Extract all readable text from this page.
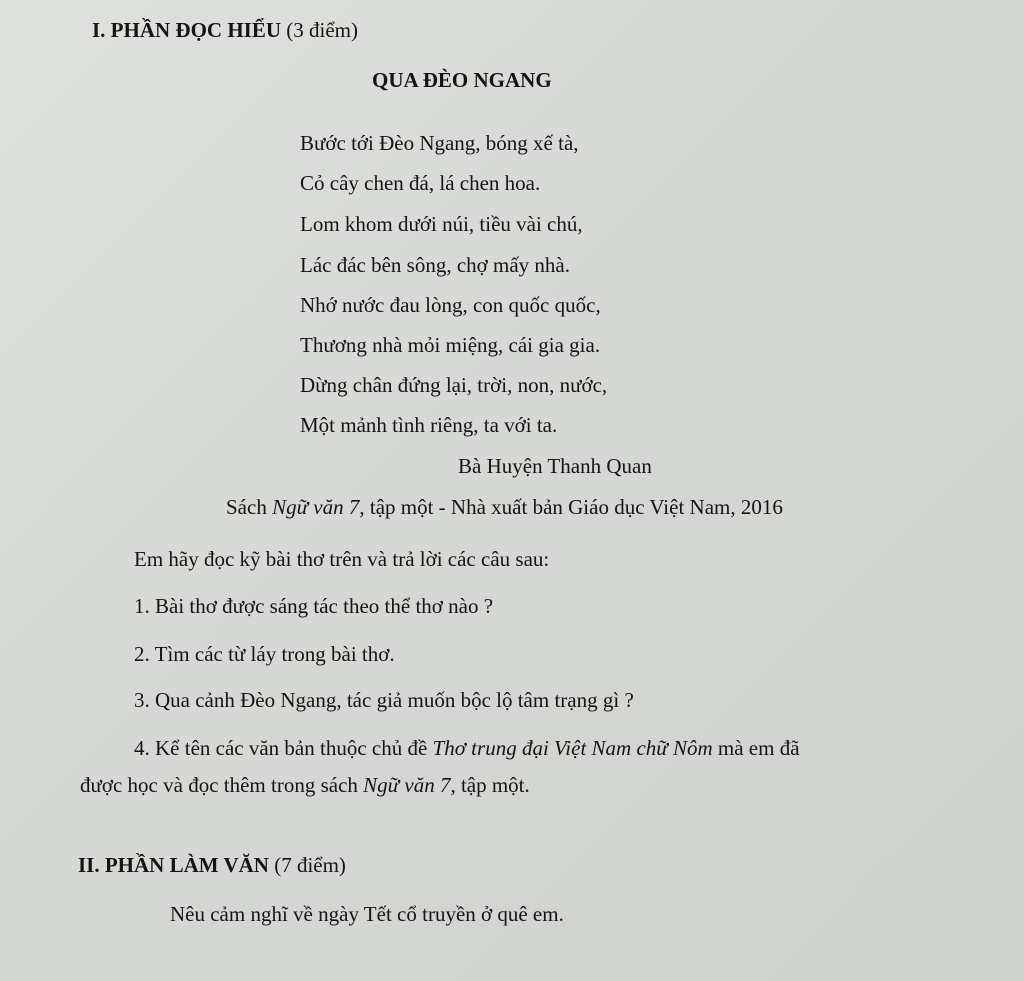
I. PHẦN ĐỌC HIỂU (3 điểm)
QUA ĐÈO NGANG
Bước tới Đèo Ngang, bóng xế tà,
Cỏ cây chen đá, lá chen hoa.
Lom khom dưới núi, tiều vài chú,
Lác đác bên sông, chợ mấy nhà.
Nhớ nước đau lòng, con quốc quốc,
Thương nhà mỏi miệng, cái gia gia.
Dừng chân đứng lại, trời, non, nước,
Một mảnh tình riêng, ta với ta.
Bà Huyện Thanh Quan
Sách Ngữ văn 7, tập một - Nhà xuất bản Giáo dục Việt Nam, 2016
Em hãy đọc kỹ bài thơ trên và trả lời các câu sau:
1. Bài thơ được sáng tác theo thể thơ nào ?
2. Tìm các từ láy trong bài thơ.
3. Qua cảnh Đèo Ngang, tác giả muốn bộc lộ tâm trạng gì ?
4. Kể tên các văn bản thuộc chủ đề Thơ trung đại Việt Nam chữ Nôm mà em đã
được học và đọc thêm trong sách Ngữ văn 7, tập một.
II. PHẦN LÀM VĂN (7 điểm)
Nêu cảm nghĩ về ngày Tết cổ truyền ở quê em.
